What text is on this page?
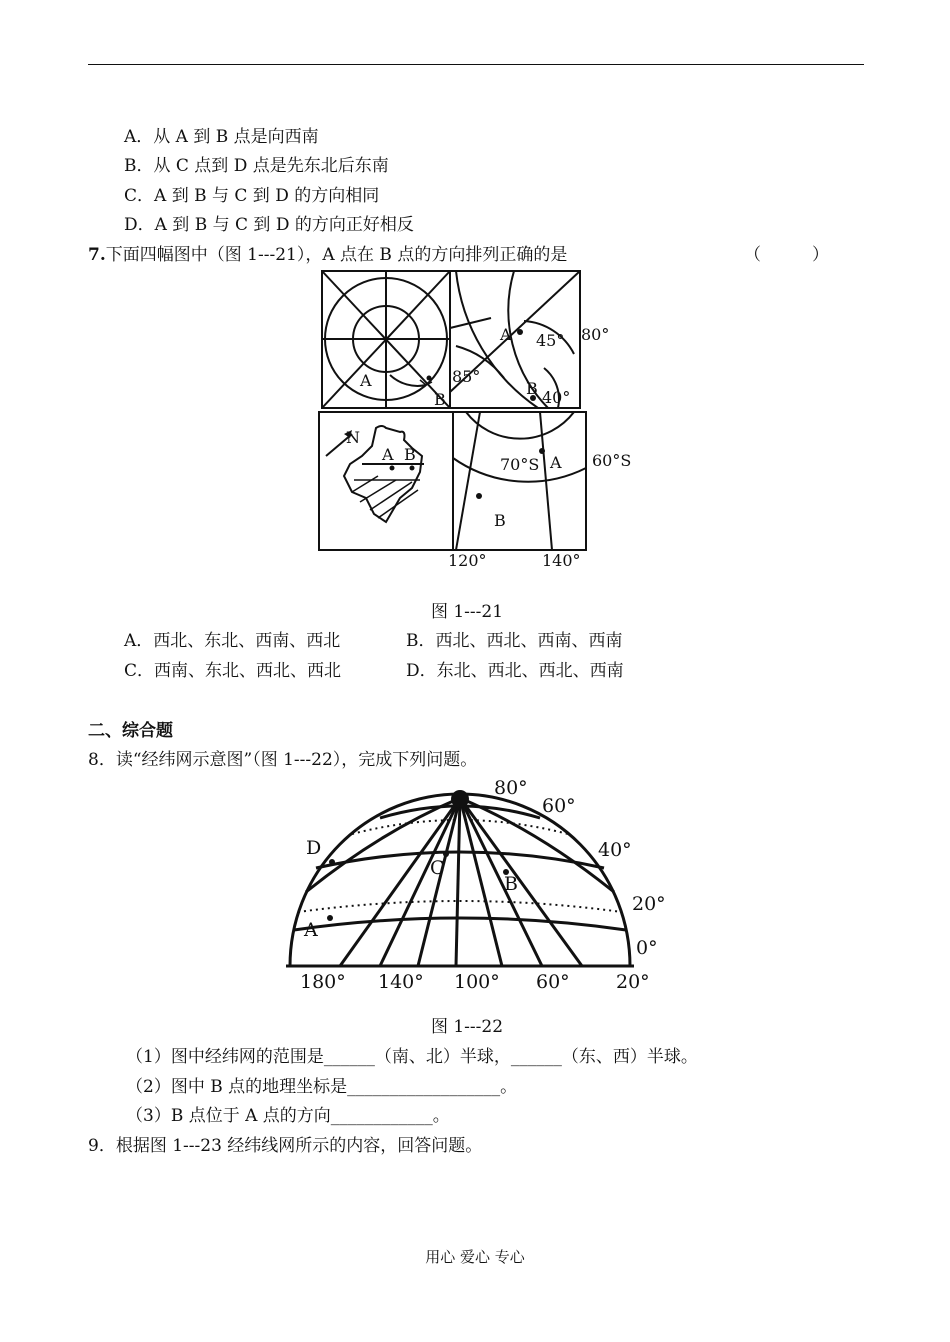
A．从 A 到 B 点是向西南
B．从 C 点到 D 点是先东北后东南
C．A 到 B 与 C 到 D 的方向相同
D．A 到 B 与 C 到 D 的方向正好相反
7.下面四幅图中（图 1---21），A 点在 B 点的方向排列正确的是	（	）
A
B
A 45° 80°
85°
B 40°
N
A B
70°S A 60°S
B
120°	140°
图 1---21
A．西北、东北、西南、西北	B．西北、西北、西南、西南
C．西南、东北、西北、西北	D．东北、西北、西北、西南
二、综合题
8．读“经纬网示意图”（图 1---22），完成下列问题。
80°
60°
40°
20°
0°
180° 140° 100° 60° 20°
A
B
C
D
图 1---22
（1）图中经纬网的范围是______（南、北）半球，______（东、西）半球。
（2）图中 B 点的地理坐标是__________________。
（3）B 点位于 A 点的方向____________。
9．根据图 1---23 经纬线网所示的内容，回答问题。
用心 爱心 专心
